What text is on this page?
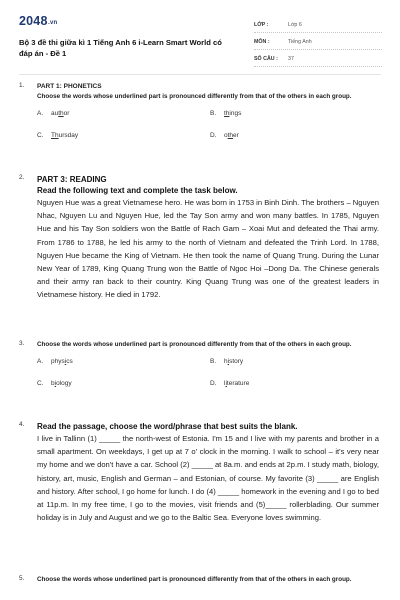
2048.vn
Bộ 3 đề thi giữa kì 1 Tiếng Anh 6 i-Learn Smart World có đáp án - Đề 1
LỚP :	Lớp 6
MÔN :	Tiếng Anh
SỐ CÂU : 37
1. PART 1: PHONETICS
Choose the words whose underlined part is pronounced differently from that of the others in each group.
A. author	B. things
C. Thursday	D. other
2. PART 3: READING
Read the following text and complete the task below.
Nguyen Hue was a great Vietnamese hero. He was born in 1753 in Binh Dinh. The brothers – Nguyen Nhac, Nguyen Lu and Nguyen Hue, led the Tay Son army and won many battles. In 1785, Nguyen Hue and his Tay Son soldiers won the Battle of Rach Gam – Xoai Mut and defeated the Thai army. From 1786 to 1788, he led his army to the north of Vietnam and defeated the Trinh Lord. In 1788, Nguyen Hue became the King of Vietnam. He then took the name of Quang Trung. During the Lunar New Year of 1789, King Quang Trung won the Battle of Ngoc Hoi –Dong Da. The Chinese generals and their army ran back to their country. King Quang Trung was one of the greatest leaders in Vietnamese history. He died in 1792.
3. Choose the words whose underlined part is pronounced differently from that of the others in each group.
A. physics	B. history
C. biology	D. literature
4. Read the passage, choose the word/phrase that best suits the blank.
I live in Tallinn (1) _____ the north-west of Estonia. I'm 15 and I live with my parents and brother in a small apartment. On weekdays, I get up at 7 o' clock in the morning. I walk to school – it's very near my home and we don't have a car. School (2) _____ at 8a.m. and ends at 2p.m. I study math, biology, history, art, music, English and German – and Estonian, of course. My favorite (3) _____ are English and history. After school, I go home for lunch. I do (4) _____ homework in the evening and I go to bed at 11p.m. In my free time, I go to the movies, visit friends and (5)_____ rollerblading. Our summer holiday is in July and August and we go to the Baltic Sea. Everyone loves swimming.
5. Choose the words whose underlined part is pronounced differently from that of the others in each group.
